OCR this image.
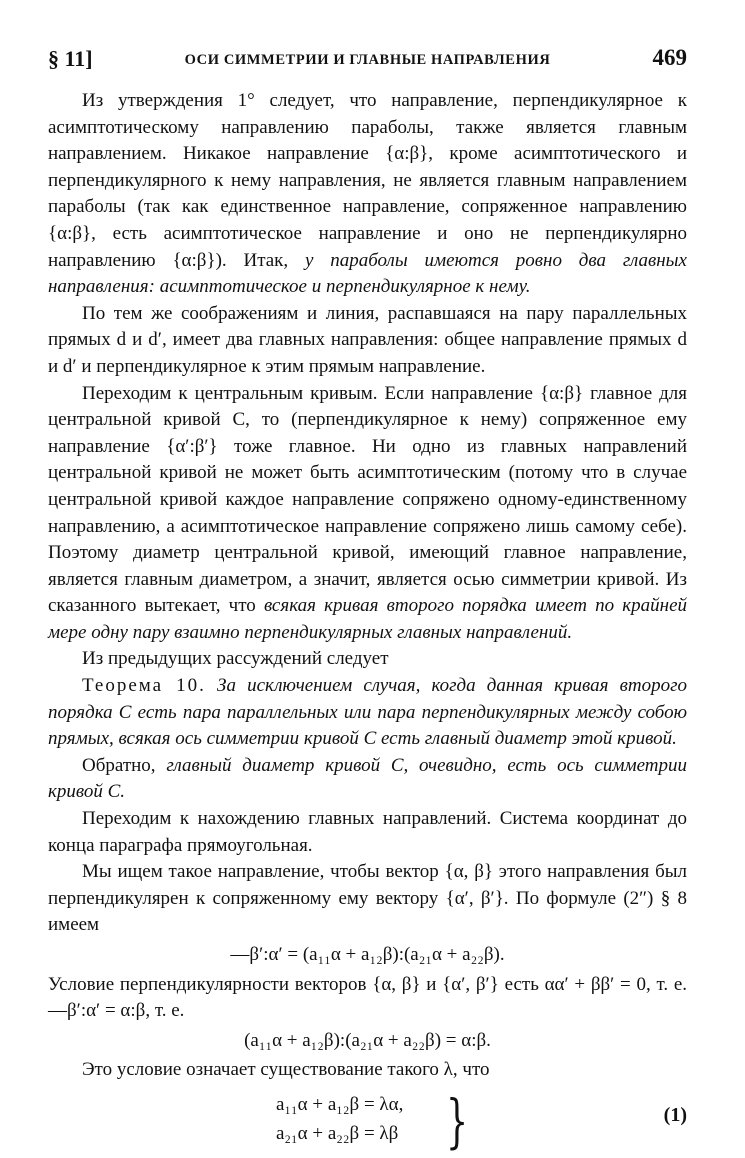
§ 11]	ОСИ СИММЕТРИИ И ГЛАВНЫЕ НАПРАВЛЕНИЯ	469

Из утверждения 1° следует, что направление, перпендикулярное к асимптотическому направлению параболы, также является главным направлением. Никакое направление {α:β}, кроме асимптотического и перпендикулярного к нему направления, не является главным направлением параболы (так как единственное направление, сопряженное направлению {α:β}, есть асимптотическое направление и оно не перпендикулярно направлению {α:β}). Итак, у параболы имеются ровно два главных направления: асимптотическое и перпендикулярное к нему.

По тем же соображениям и линия, распавшаяся на пару параллельных прямых d и d′, имеет два главных направления: общее направление прямых d и d′ и перпендикулярное к этим прямым направление.

Переходим к центральным кривым. Если направление {α:β} главное для центральной кривой C, то (перпендикулярное к нему) сопряженное ему направление {α′:β′} тоже главное. Ни одно из главных направлений центральной кривой не может быть асимптотическим (потому что в случае центральной кривой каждое направление сопряжено одному-единственному направлению, а асимптотическое направление сопряжено лишь самому себе). Поэтому диаметр центральной кривой, имеющий главное направление, является главным диаметром, а значит, является осью симметрии кривой. Из сказанного вытекает, что всякая кривая второго порядка имеет по крайней мере одну пару взаимно перпендикулярных главных направлений.

Из предыдущих рассуждений следует

Теорема 10. За исключением случая, когда данная кривая второго порядка C есть пара параллельных или пара перпендикулярных между собою прямых, всякая ось симметрии кривой C есть главный диаметр этой кривой.

Обратно, главный диаметр кривой C, очевидно, есть ось симметрии кривой C.

Переходим к нахождению главных направлений. Система координат до конца параграфа прямоугольная.

Мы ищем такое направление, чтобы вектор {α, β} этого направления был перпендикулярен к сопряженному ему вектору {α′, β′}. По формуле (2″) § 8 имеем

—β′:α′ = (a₁₁α + a₁₂β):(a₂₁α + a₂₂β).

Условие перпендикулярности векторов {α, β} и {α′, β′} есть αα′ + ββ′ = 0, т. е. —β′:α′ = α:β, т. е.

(a₁₁α + a₁₂β):(a₂₁α + a₂₂β) = α:β.

Это условие означает существование такого λ, что

a₁₁α + a₁₂β = λα,
a₂₁α + a₂₂β = λβ }	(1)
